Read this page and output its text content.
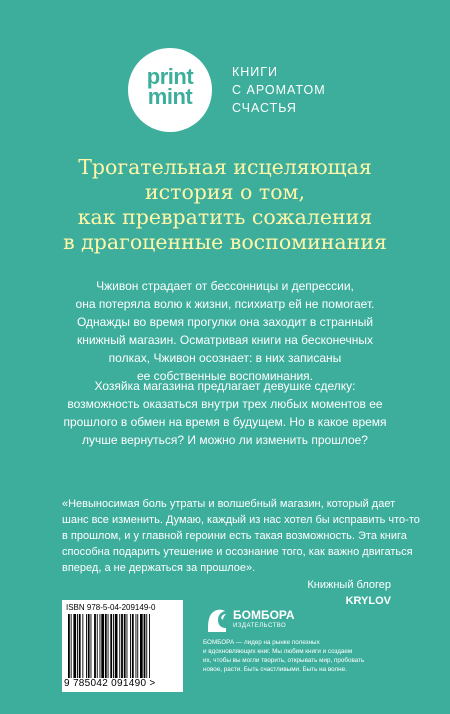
print
mint
КНИГИ
С АРОМАТОМ
СЧАСТЬЯ
Трогательная исцеляющая
история о том,
как превратить сожаления
в драгоценные воспоминания
Чживон страдает от бессонницы и депрессии,
она потеряла волю к жизни, психиатр ей не помогает.
Однажды во время прогулки она заходит в странный
книжный магазин. Осматривая книги на бесконечных
полках, Чживон осознает: в них записаны
ее собственные воспоминания.
Хозяйка магазина предлагает девушке сделку:
возможность оказаться внутри трех любых моментов ее
прошлого в обмен на время в будущем. Но в какое время
лучше вернуться? И можно ли изменить прошлое?
«Невыносимая боль утраты и волшебный магазин, который дает
шанс все изменить. Думаю, каждый из нас хотел бы исправить что-то
в прошлом, и у главной героини есть такая возможность. Эта книга
способна подарить утешение и осознание того, как важно двигаться
вперед, а не держаться за прошлое».
Книжный блогер
KRYLOV
ISBN 978-5-04-209149-0
9 785042 091490 >
БОМБОРА
ИЗДАТЕЛЬСТВО
БОМБОРА — лидер на рынке полезных
и вдохновляющих книг. Мы любим книги и создаем
их, чтобы вы могли творить, открывать мир, пробовать
новое, расти. Быть счастливыми. Быть на волне.
